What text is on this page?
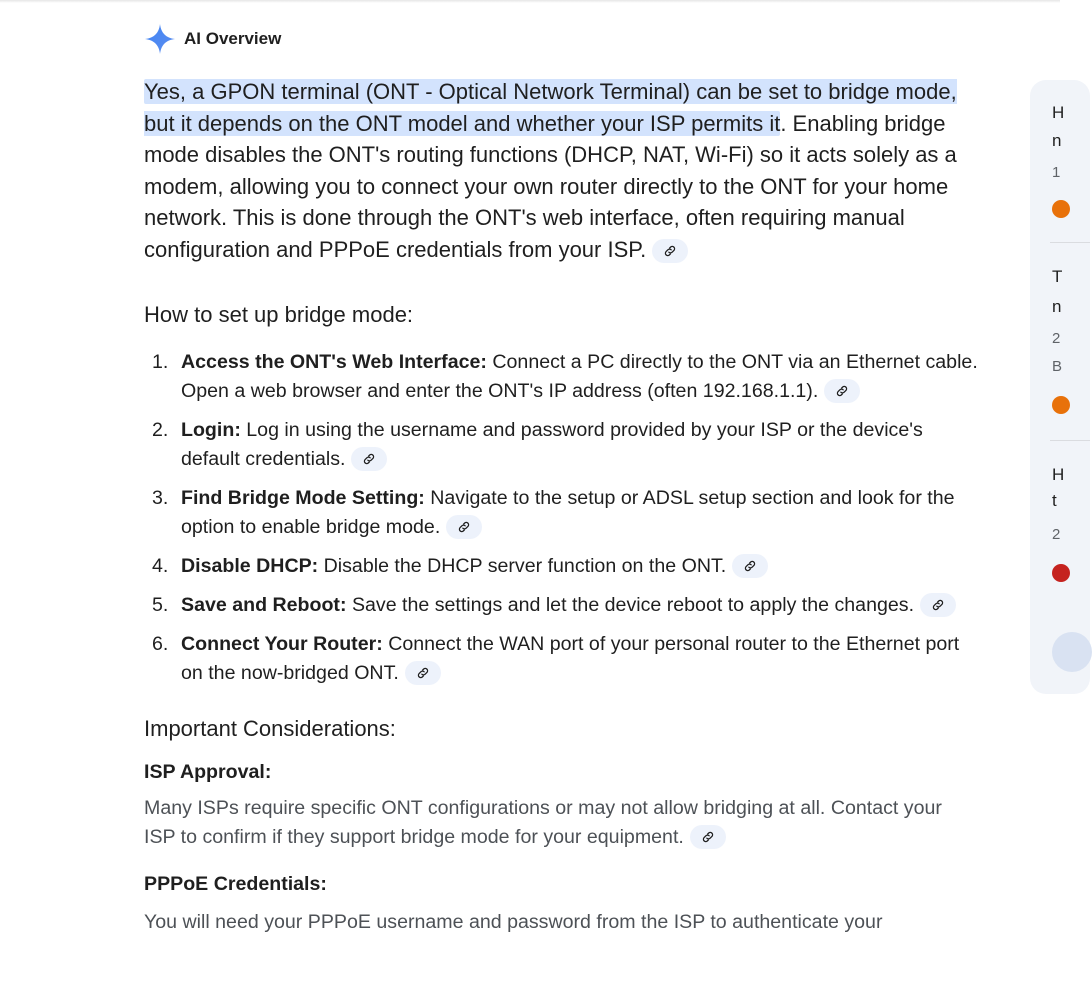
AI Overview

Yes, a GPON terminal (ONT - Optical Network Terminal) can be set to bridge mode, but it depends on the ONT model and whether your ISP permits it. Enabling bridge mode disables the ONT's routing functions (DHCP, NAT, Wi-Fi) so it acts solely as a modem, allowing you to connect your own router directly to the ONT for your home network. This is done through the ONT's web interface, often requiring manual configuration and PPPoE credentials from your ISP.

How to set up bridge mode:
1. Access the ONT's Web Interface: Connect a PC directly to the ONT via an Ethernet cable. Open a web browser and enter the ONT's IP address (often 192.168.1.1).
2. Login: Log in using the username and password provided by your ISP or the device's default credentials.
3. Find Bridge Mode Setting: Navigate to the setup or ADSL setup section and look for the option to enable bridge mode.
4. Disable DHCP: Disable the DHCP server function on the ONT.
5. Save and Reboot: Save the settings and let the device reboot to apply the changes.
6. Connect Your Router: Connect the WAN port of your personal router to the Ethernet port on the now-bridged ONT.
Important Considerations:
ISP Approval:

Many ISPs require specific ONT configurations or may not allow bridging at all. Contact your ISP to confirm if they support bridge mode for your equipment.

PPPoE Credentials:

You will need your PPPoE username and password from the ISP to authenticate your

H
n
1
T
n
2
B
H
t
2
